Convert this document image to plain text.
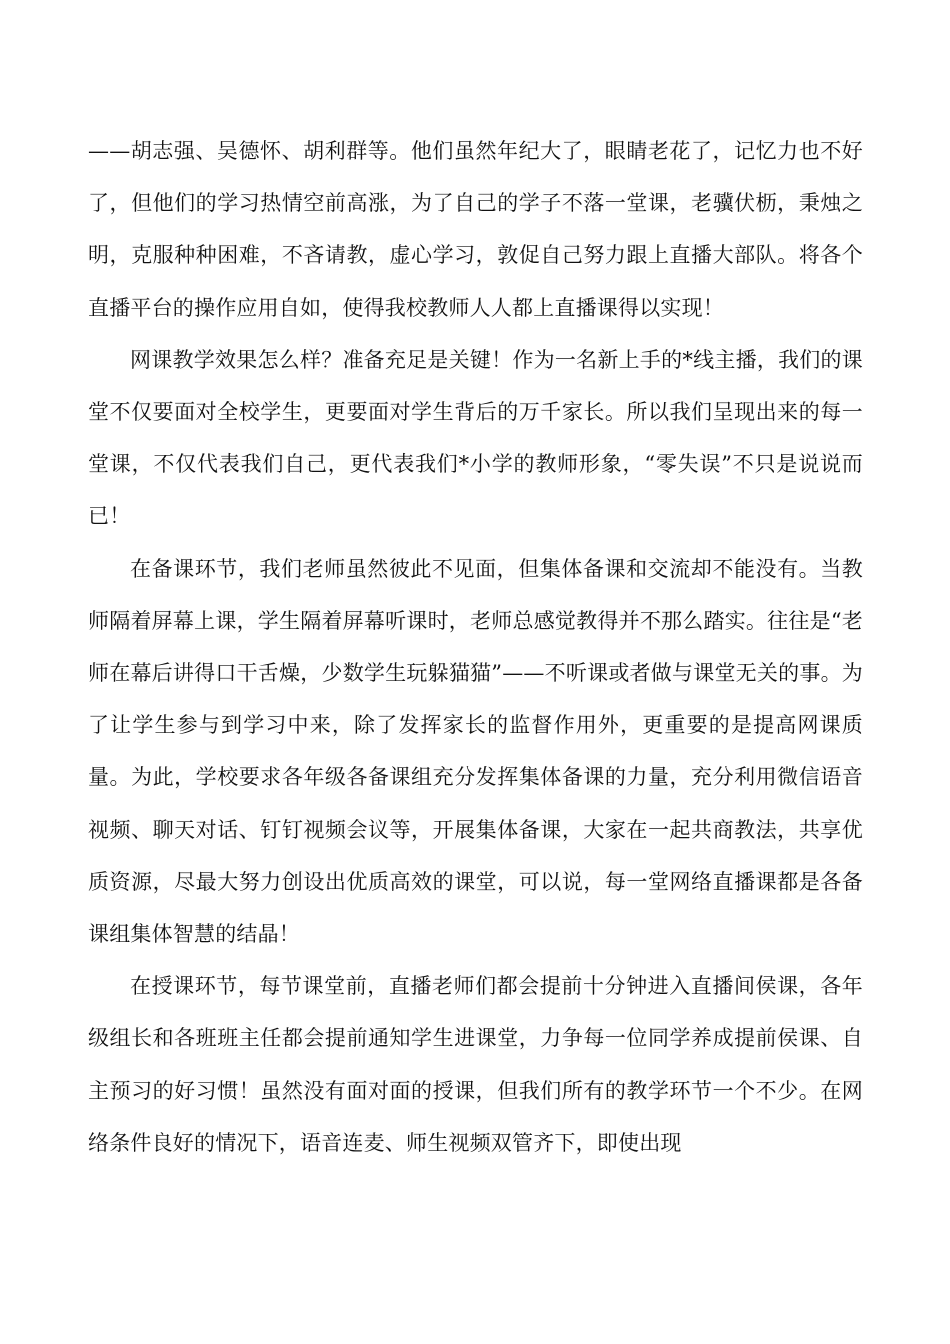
——胡志强、吴德怀、胡利群等。他们虽然年纪大了，眼睛老花了，记忆力也不好了，但他们的学习热情空前高涨，为了自己的学子不落一堂课，老骥伏枥，秉烛之明，克服种种困难，不吝请教，虚心学习，敦促自己努力跟上直播大部队。将各个直播平台的操作应用自如，使得我校教师人人都上直播课得以实现！

网课教学效果怎么样？准备充足是关键！作为一名新上手的*线主播，我们的课堂不仅要面对全校学生，更要面对学生背后的万千家长。所以我们呈现出来的每一堂课，不仅代表我们自己，更代表我们*小学的教师形象，“零失误”不只是说说而已！

在备课环节，我们老师虽然彼此不见面，但集体备课和交流却不能没有。当教师隔着屏幕上课，学生隔着屏幕听课时，老师总感觉教得并不那么踏实。往往是“老师在幕后讲得口干舌燥，少数学生玩躲猫猫”——不听课或者做与课堂无关的事。为了让学生参与到学习中来，除了发挥家长的监督作用外，更重要的是提高网课质量。为此，学校要求各年级各备课组充分发挥集体备课的力量，充分利用微信语音视频、聊天对话、钉钉视频会议等，开展集体备课，大家在一起共商教法，共享优质资源，尽最大努力创设出优质高效的课堂，可以说，每一堂网络直播课都是各备课组集体智慧的结晶！

在授课环节，每节课堂前，直播老师们都会提前十分钟进入直播间侯课，各年级组长和各班班主任都会提前通知学生进课堂，力争每一位同学养成提前侯课、自主预习的好习惯！虽然没有面对面的授课，但我们所有的教学环节一个不少。在网络条件良好的情况下，语音连麦、师生视频双管齐下，即使出现
